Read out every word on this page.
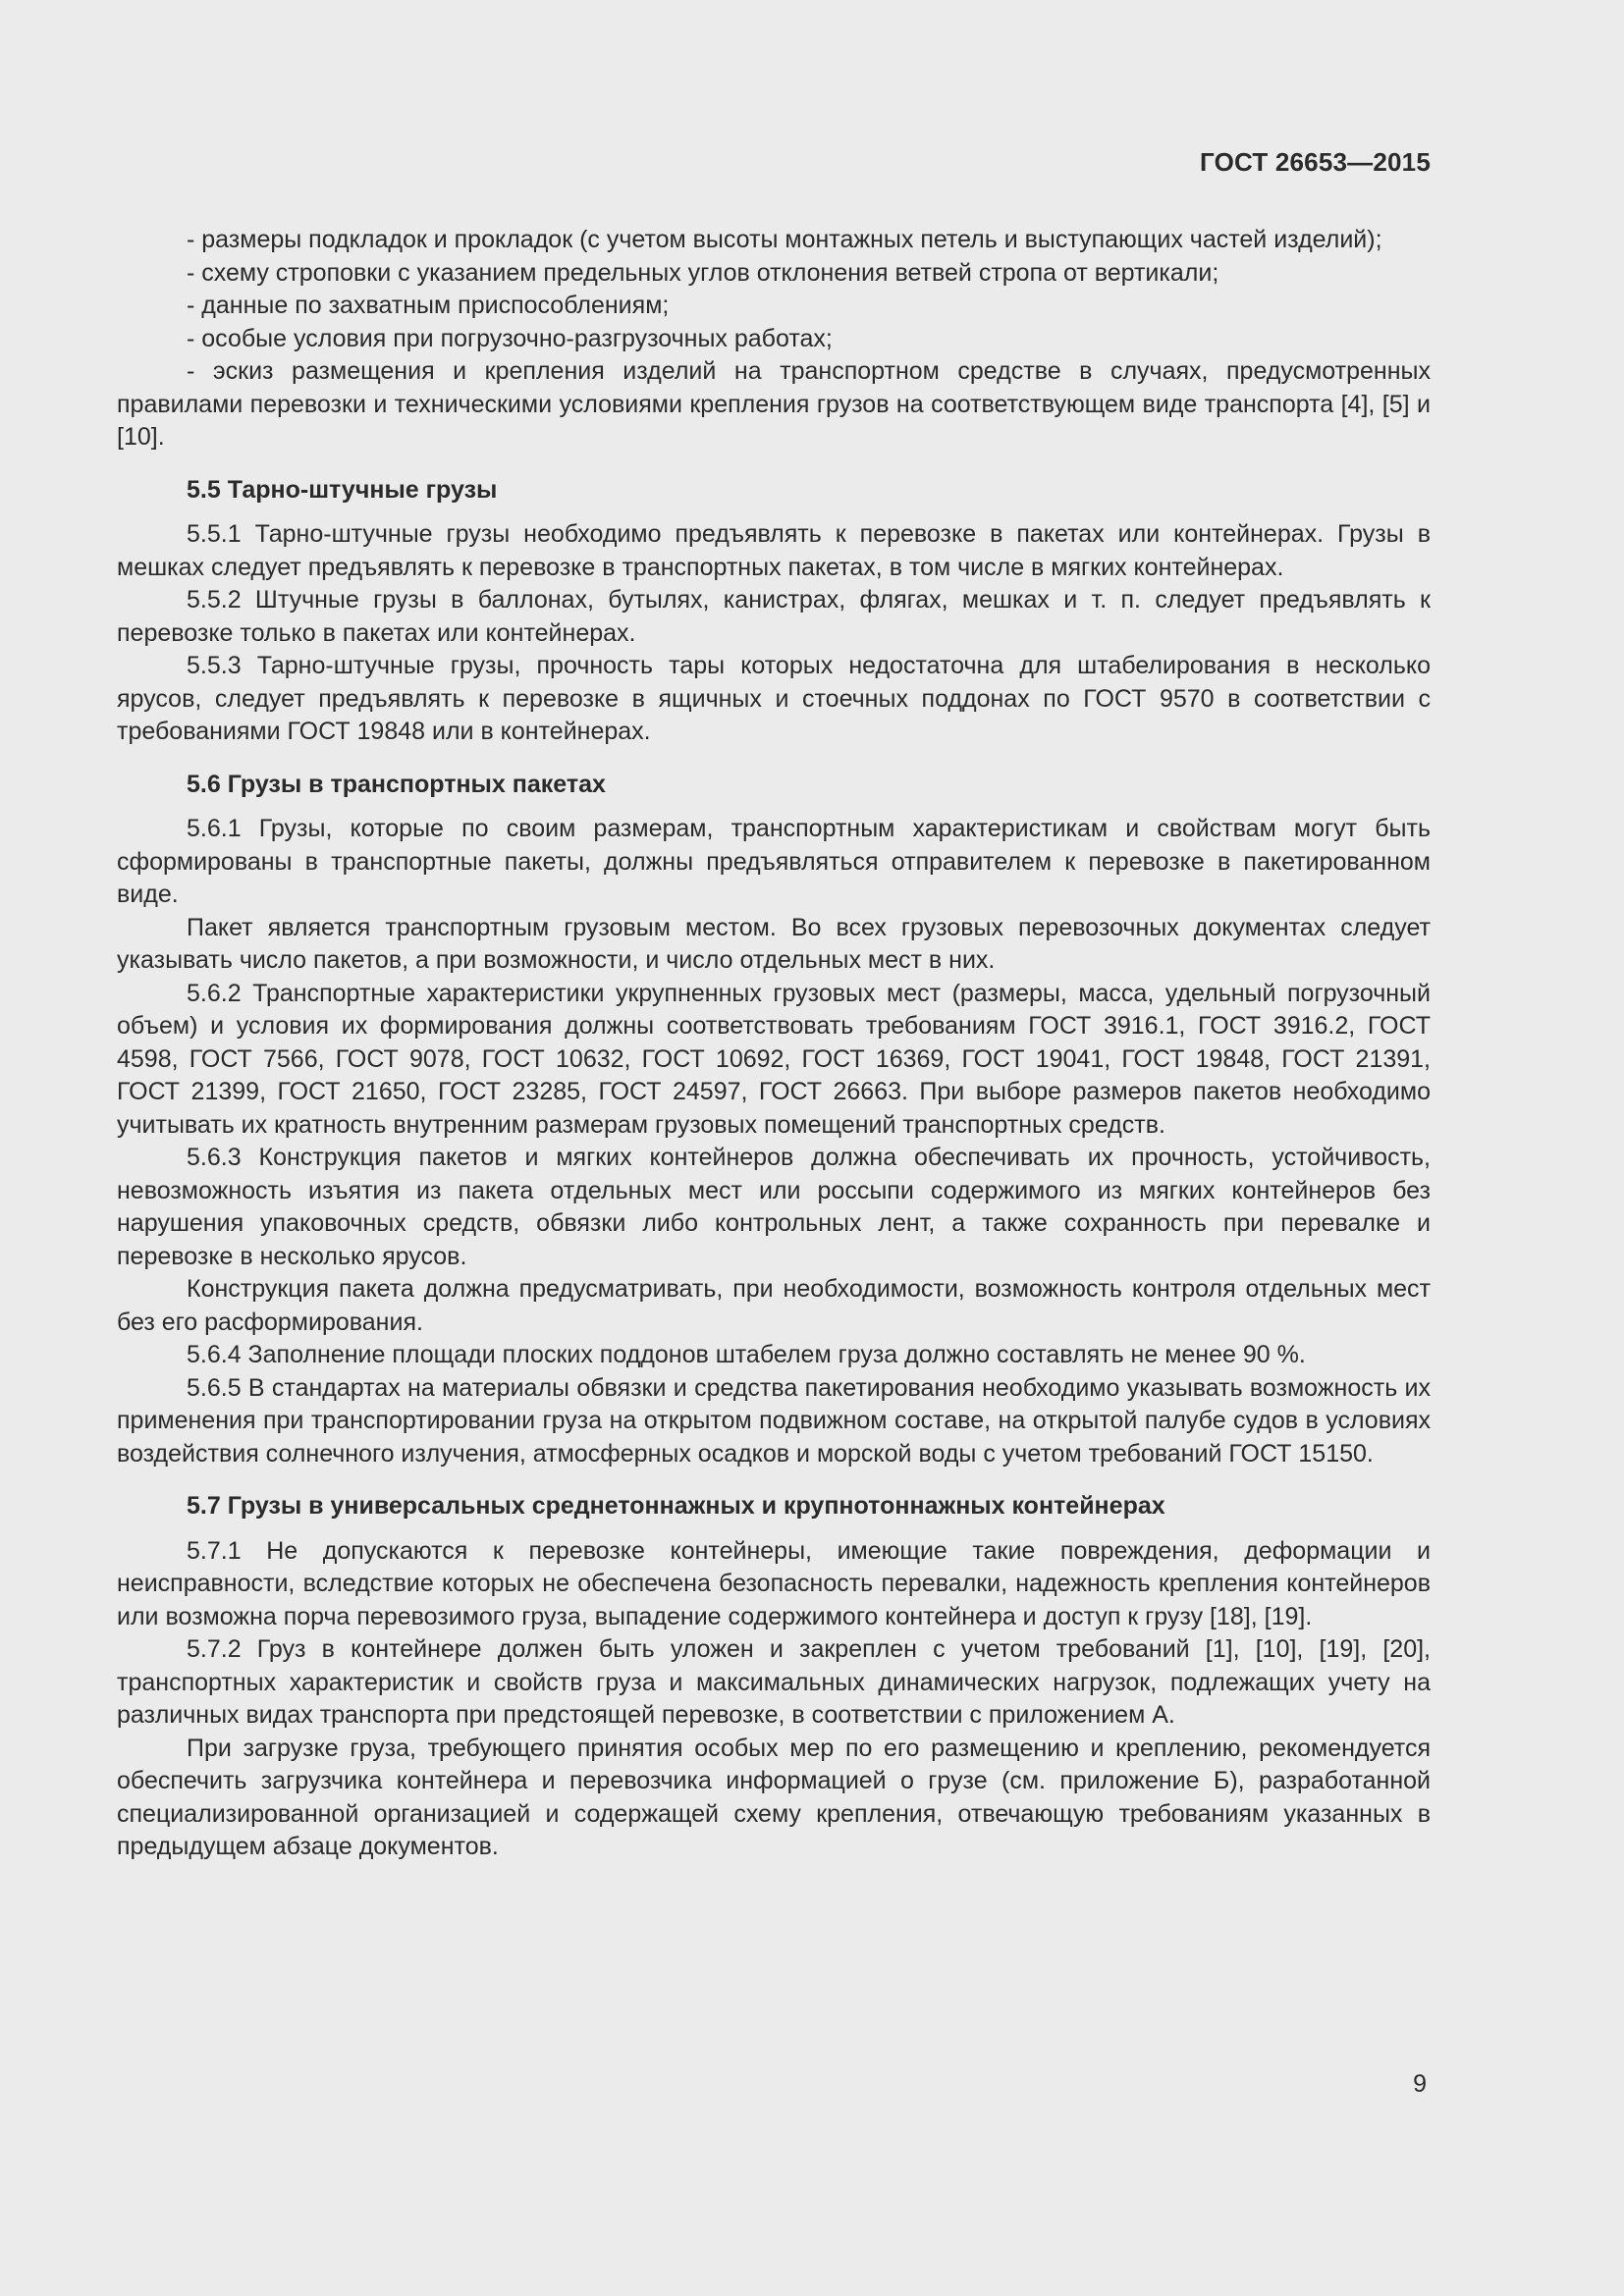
ГОСТ 26653—2015

- размеры подкладок и прокладок (с учетом высоты монтажных петель и выступающих частей изделий);

- схему строповки с указанием предельных углов отклонения ветвей стропа от вертикали;

- данные по захватным приспособлениям;

- особые условия при погрузочно-разгрузочных работах;

- эскиз размещения и крепления изделий на транспортном средстве в случаях, предусмотренных правилами перевозки и техническими условиями крепления грузов на соответствующем виде транспорта [4], [5] и [10].

5.5 Тарно-штучные грузы

5.5.1 Тарно-штучные грузы необходимо предъявлять к перевозке в пакетах или контейнерах. Грузы в мешках следует предъявлять к перевозке в транспортных пакетах, в том числе в мягких контейнерах.

5.5.2 Штучные грузы в баллонах, бутылях, канистрах, флягах, мешках и т. п. следует предъявлять к перевозке только в пакетах или контейнерах.

5.5.3 Тарно-штучные грузы, прочность тары которых недостаточна для штабелирования в несколько ярусов, следует предъявлять к перевозке в ящичных и стоечных поддонах по ГОСТ 9570 в соответствии с требованиями ГОСТ 19848 или в контейнерах.

5.6 Грузы в транспортных пакетах

5.6.1 Грузы, которые по своим размерам, транспортным характеристикам и свойствам могут быть сформированы в транспортные пакеты, должны предъявляться отправителем к перевозке в пакетированном виде.

Пакет является транспортным грузовым местом. Во всех грузовых перевозочных документах следует указывать число пакетов, а при возможности, и число отдельных мест в них.

5.6.2 Транспортные характеристики укрупненных грузовых мест (размеры, масса, удельный погрузочный объем) и условия их формирования должны соответствовать требованиям ГОСТ 3916.1, ГОСТ 3916.2, ГОСТ 4598, ГОСТ 7566, ГОСТ 9078, ГОСТ 10632, ГОСТ 10692, ГОСТ 16369, ГОСТ 19041, ГОСТ 19848, ГОСТ 21391, ГОСТ 21399, ГОСТ 21650, ГОСТ 23285, ГОСТ 24597, ГОСТ 26663. При выборе размеров пакетов необходимо учитывать их кратность внутренним размерам грузовых помещений транспортных средств.

5.6.3 Конструкция пакетов и мягких контейнеров должна обеспечивать их прочность, устойчивость, невозможность изъятия из пакета отдельных мест или россыпи содержимого из мягких контейнеров без нарушения упаковочных средств, обвязки либо контрольных лент, а также сохранность при перевалке и перевозке в несколько ярусов.

Конструкция пакета должна предусматривать, при необходимости, возможность контроля отдельных мест без его расформирования.

5.6.4 Заполнение площади плоских поддонов штабелем груза должно составлять не менее 90 %.

5.6.5 В стандартах на материалы обвязки и средства пакетирования необходимо указывать возможность их применения при транспортировании груза на открытом подвижном составе, на открытой палубе судов в условиях воздействия солнечного излучения, атмосферных осадков и морской воды с учетом требований ГОСТ 15150.

5.7 Грузы в универсальных среднетоннажных и крупнотоннажных контейнерах

5.7.1 Не допускаются к перевозке контейнеры, имеющие такие повреждения, деформации и неисправности, вследствие которых не обеспечена безопасность перевалки, надежность крепления контейнеров или возможна порча перевозимого груза, выпадение содержимого контейнера и доступ к грузу [18], [19].

5.7.2 Груз в контейнере должен быть уложен и закреплен с учетом требований [1], [10], [19], [20], транспортных характеристик и свойств груза и максимальных динамических нагрузок, подлежащих учету на различных видах транспорта при предстоящей перевозке, в соответствии с приложением А.

При загрузке груза, требующего принятия особых мер по его размещению и креплению, рекомендуется обеспечить загрузчика контейнера и перевозчика информацией о грузе (см. приложение Б), разработанной специализированной организацией и содержащей схему крепления, отвечающую требованиям указанных в предыдущем абзаце документов.

9
